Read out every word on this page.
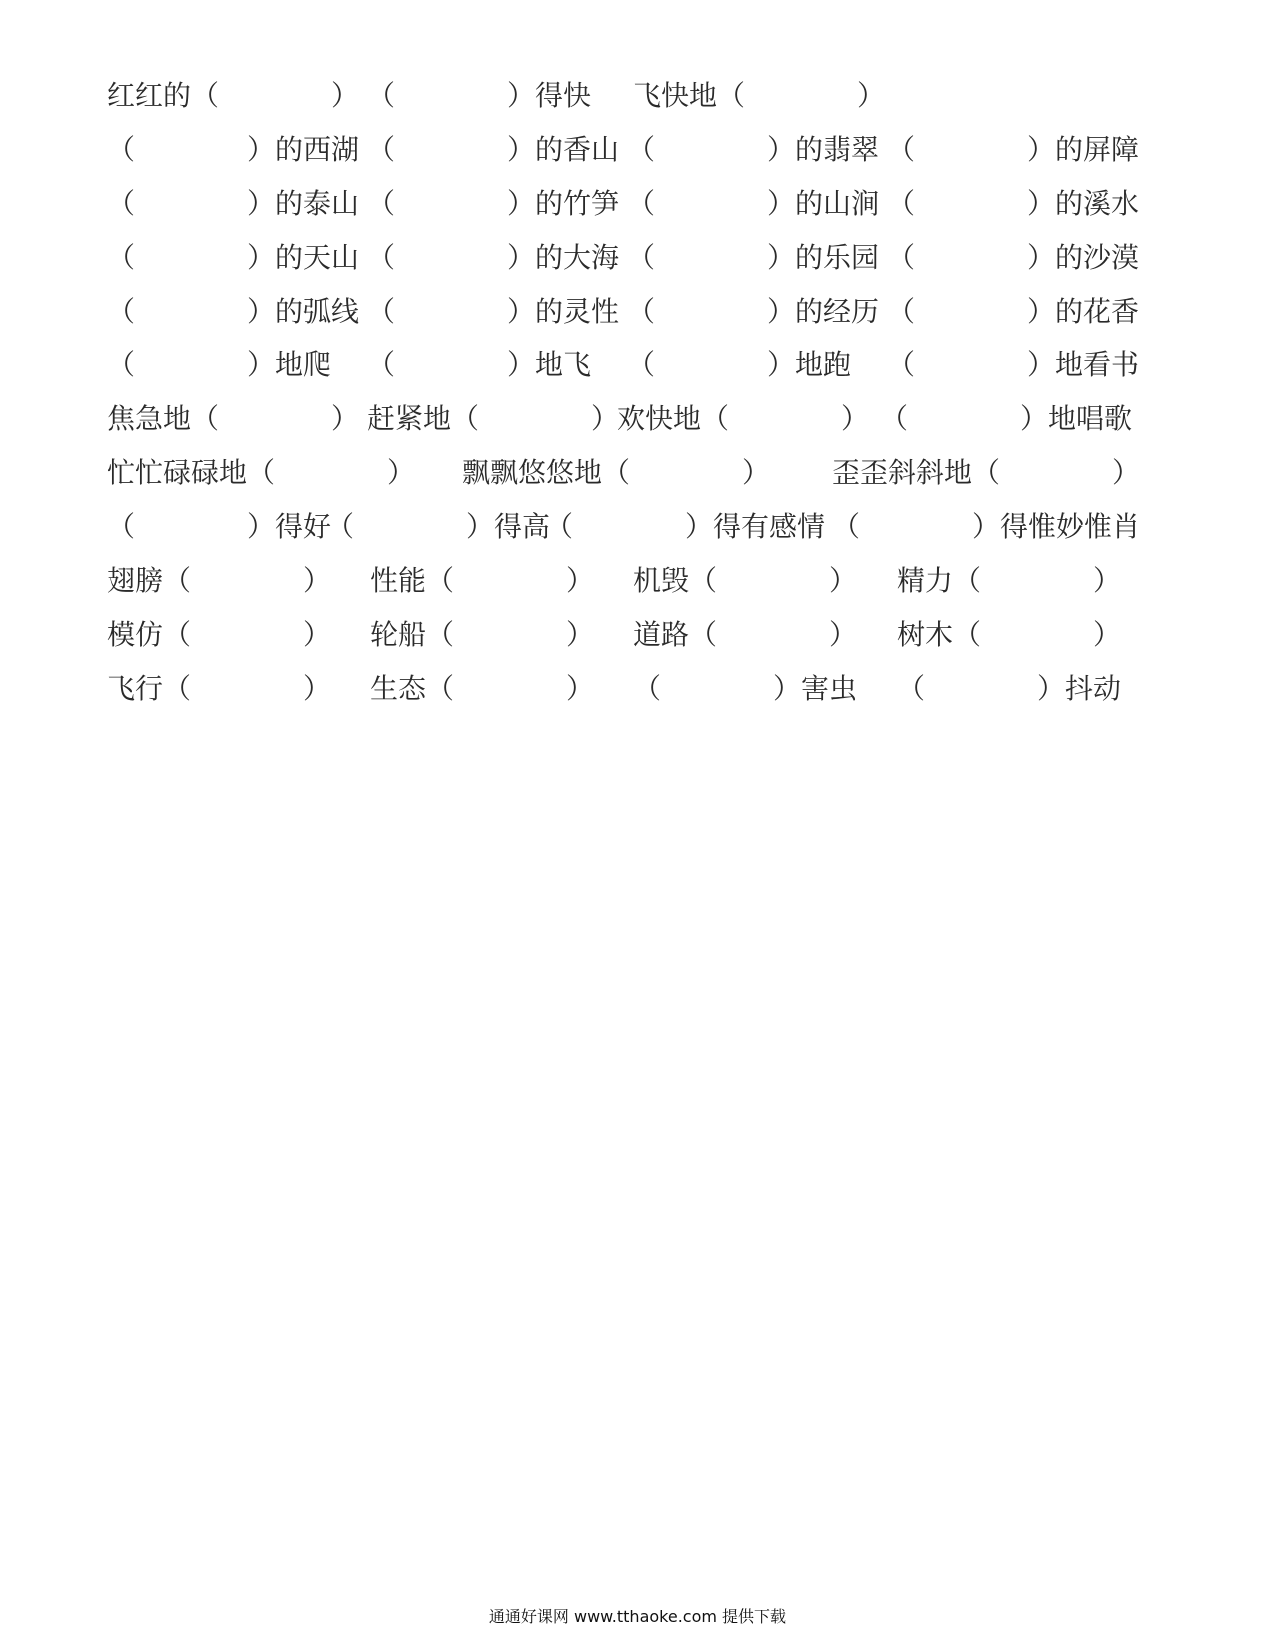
红红的（　　　　） （　　　　）得快 飞快地（　　　　）
（　　　　）的西湖 （　　　　）的香山 （　　　　）的翡翠 （　　　　）的屏障
（　　　　）的泰山 （　　　　）的竹笋 （　　　　）的山涧 （　　　　）的溪水
（　　　　）的天山 （　　　　）的大海 （　　　　）的乐园 （　　　　）的沙漠
（　　　　）的弧线 （　　　　）的灵性 （　　　　）的经历 （　　　　）的花香
（　　　　）地爬 （　　　　）地飞 （　　　　）地跑 （　　　　）地看书
焦急地（　　　　） 赶紧地（　　　　）
欢快地（　　　　） （　　　　）地唱歌
忙忙碌碌地（　　　　） 飘飘悠悠地（　　　　） 歪歪斜斜地（　　　　）
（　　　　）得好
（　　　　）得高
（　　　　）得有感情 （　　　　）得惟妙惟肖
翅膀（　　　　） 性能（　　　　） 机毁（　　　　） 精力（　　　　）
模仿（　　　　） 轮船（　　　　） 道路（　　　　） 树木（　　　　）
飞行（　　　　） 生态（　　　　） （　　　　）害虫 （　　　　）抖动
通通好课网 www.tthaoke.com 提供下载
